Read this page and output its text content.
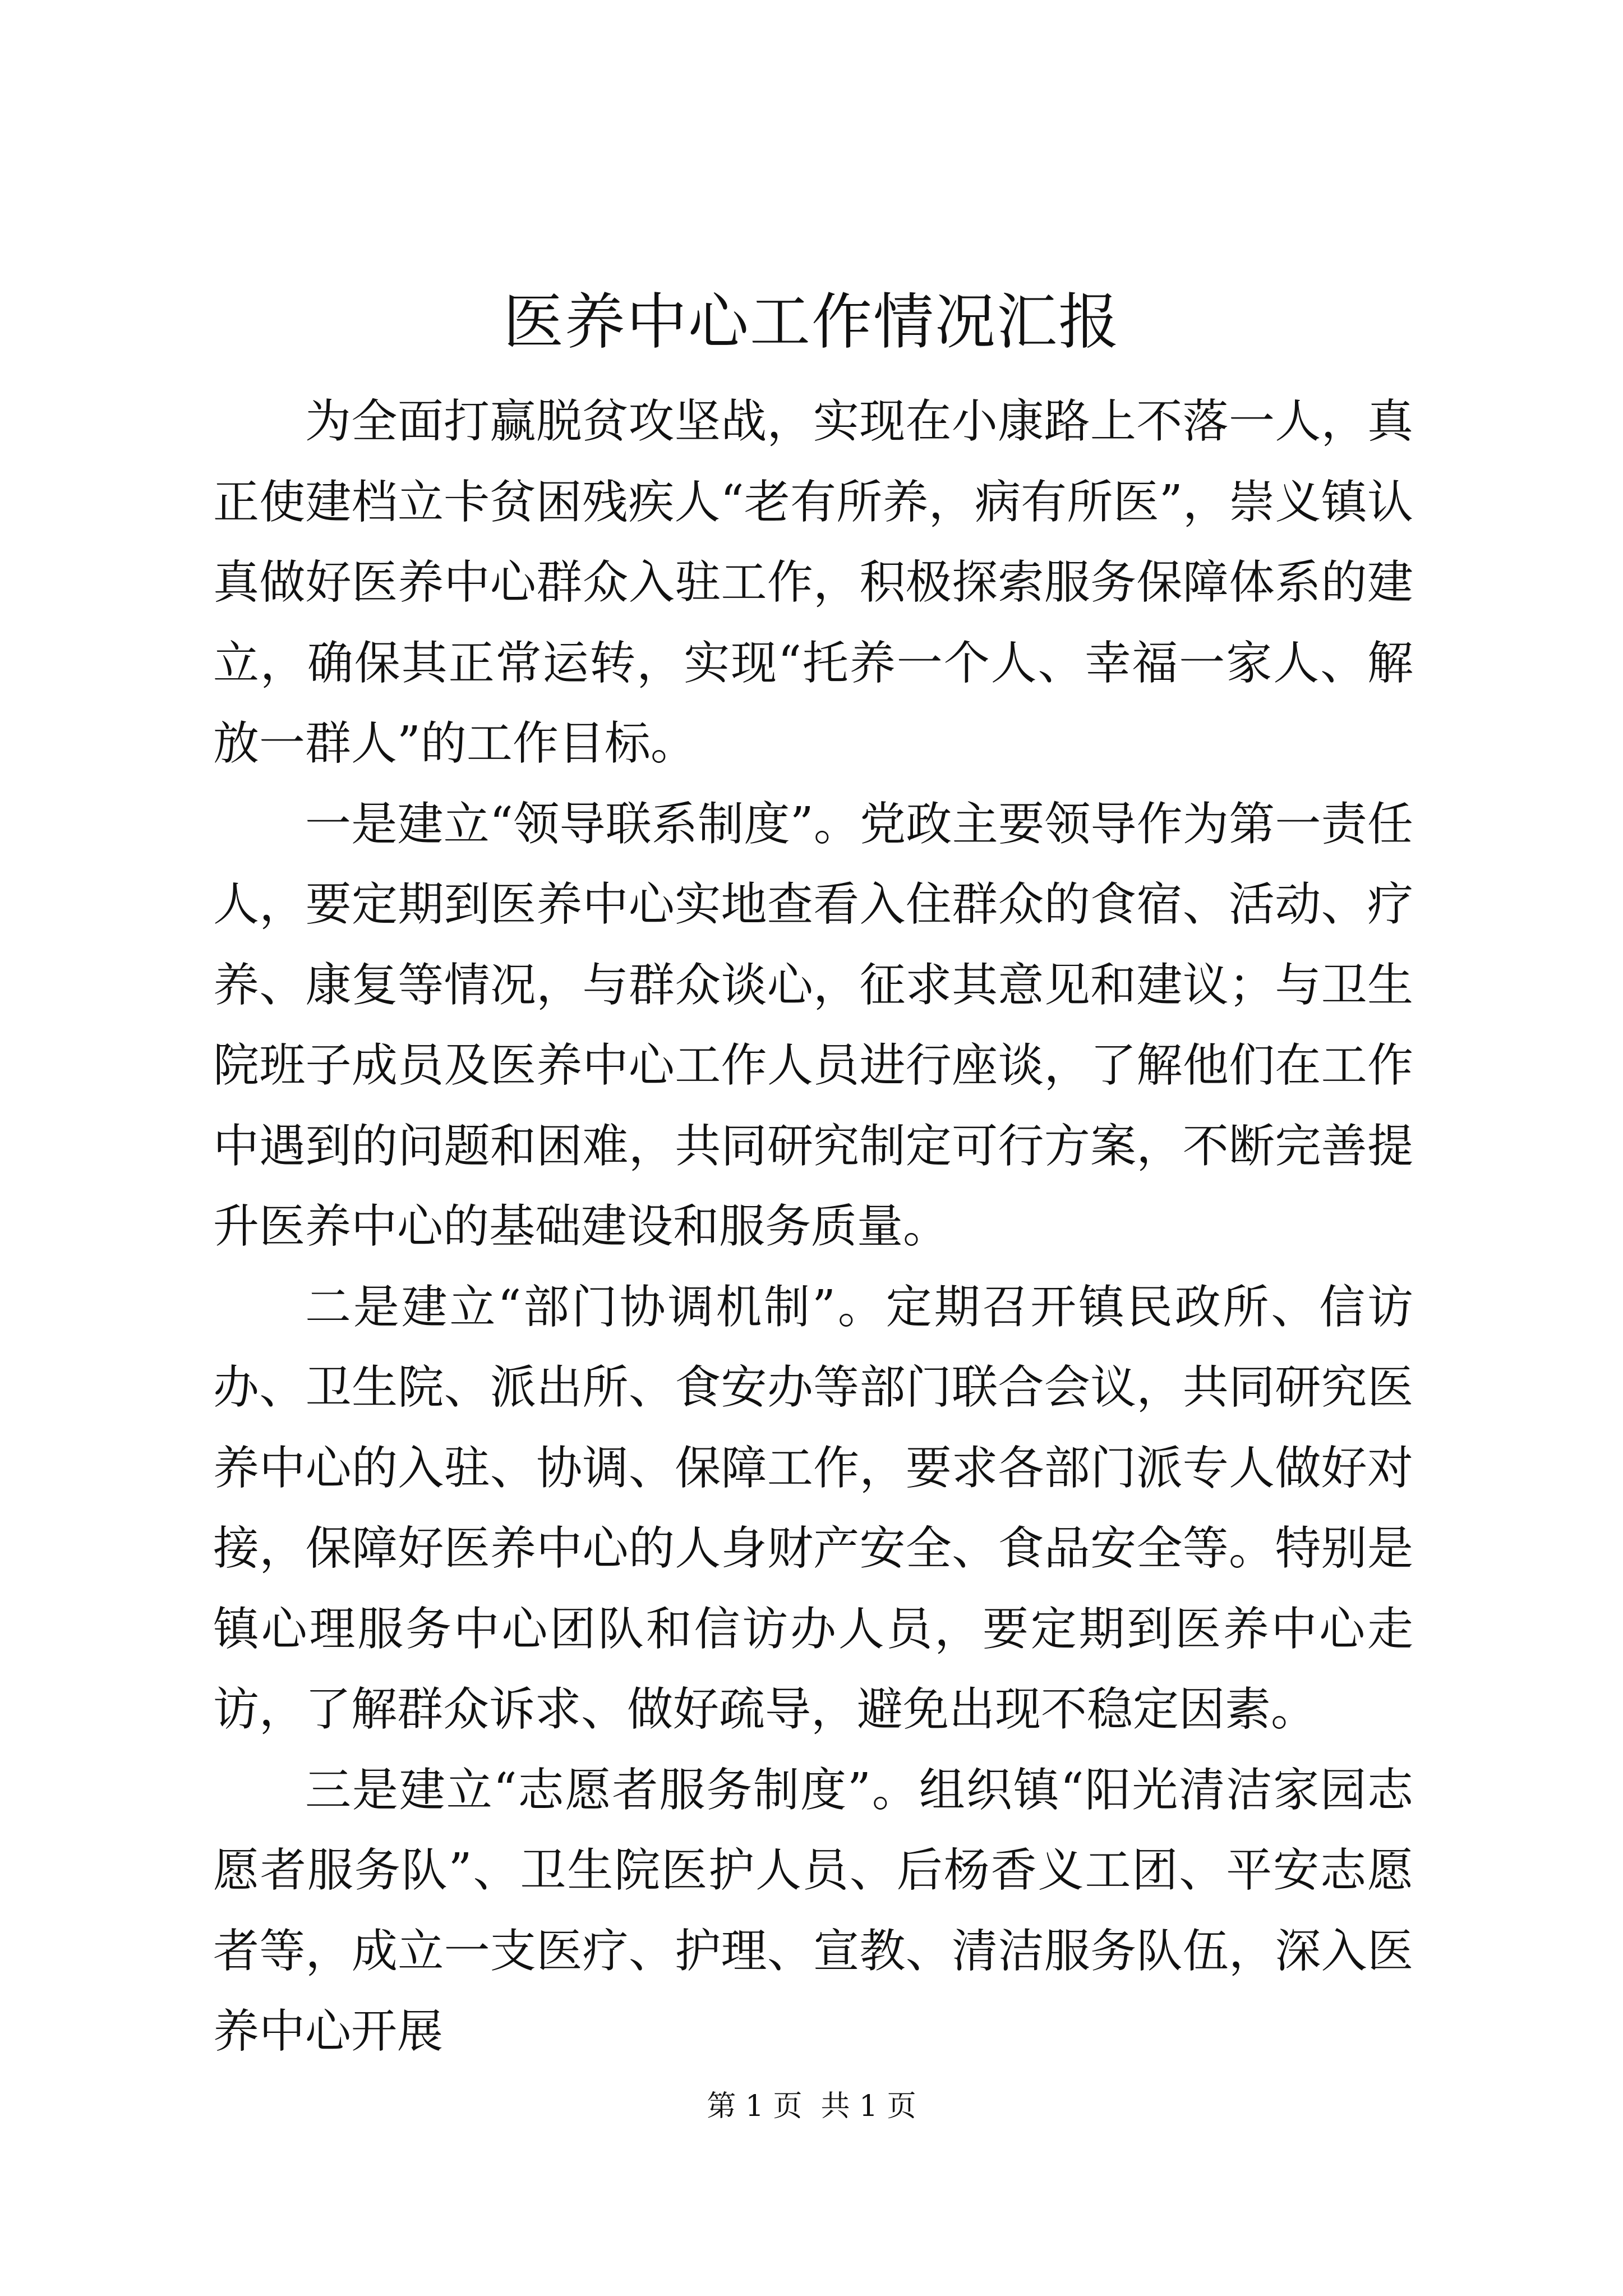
医养中心工作情况汇报

为全面打赢脱贫攻坚战，实现在小康路上不落一人，真正使建档立卡贫困残疾人“老有所养，病有所医”，崇义镇认真做好医养中心群众入驻工作，积极探索服务保障体系的建立，确保其正常运转，实现“托养一个人、幸福一家人、解放一群人”的工作目标。

一是建立“领导联系制度”。党政主要领导作为第一责任人，要定期到医养中心实地查看入住群众的食宿、活动、疗养、康复等情况，与群众谈心，征求其意见和建议；与卫生院班子成员及医养中心工作人员进行座谈，了解他们在工作中遇到的问题和困难，共同研究制定可行方案，不断完善提升医养中心的基础建设和服务质量。

二是建立“部门协调机制”。定期召开镇民政所、信访办、卫生院、派出所、食安办等部门联合会议，共同研究医养中心的入驻、协调、保障工作，要求各部门派专人做好对接，保障好医养中心的人身财产安全、食品安全等。特别是镇心理服务中心团队和信访办人员，要定期到医养中心走访，了解群众诉求、做好疏导，避免出现不稳定因素。

三是建立“志愿者服务制度”。组织镇“阳光清洁家园志愿者服务队”、卫生院医护人员、后杨香义工团、平安志愿者等，成立一支医疗、护理、宣教、清洁服务队伍，深入医养中心开展

第 1 页  共 1 页
